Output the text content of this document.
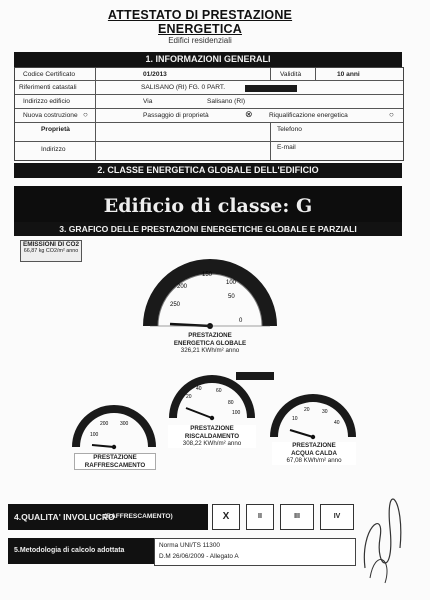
ATTESTATO DI PRESTAZIONE ENERGETICA
Edifici residenziali
1. INFORMAZIONI GENERALI
Codice Certificato	01/2013	Validità	10 anni
Riferimenti catastali	SALISANO (RI) FG. 0 PART.
Indirizzo edificio	Via	Salisano (RI)
Nuova costruzione ○	Passaggio di proprietà	⊗ Riqualificazione energetica	○
Proprietà	Telefono
Indirizzo	E-mail
2. CLASSE ENERGETICA GLOBALE DELL'EDIFICIO
Edificio di classe: G
3. GRAFICO DELLE PRESTAZIONI ENERGETICHE GLOBALE E PARZIALI
EMISSIONI DI CO2
66,87 kg CO2/m² anno
0
50
100
150
200
250
100
200 300
20
40	60
80
100
10
20 30
40
PRESTAZIONE
ENERGETICA GLOBALE
326,21 KWh/m² anno
PRESTAZIONE
RAFFRESCAMENTO
PRESTAZIONE
RISCALDAMENTO
308,22 KWh/m² anno	PRESTAZIONE
ACQUA CALDA
67,08 KWh/m² anno
4.QUALITA' INVOLUCRO
(RAFFRESCAMENTO)	X	II	III	IV
5.Metodologia di calcolo adottata
Norma UNI/TS 11300
D.M 26/06/2009 - Allegato A
